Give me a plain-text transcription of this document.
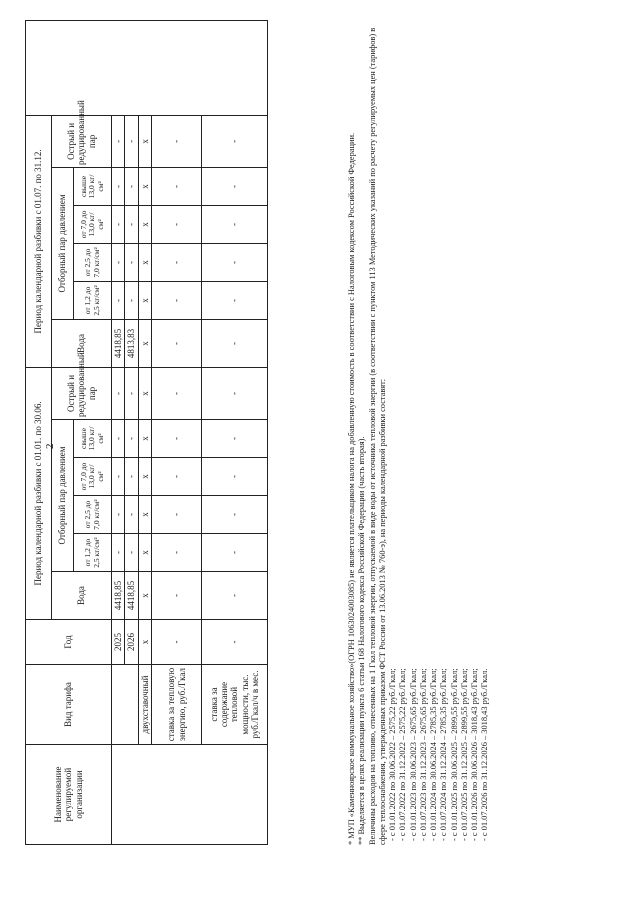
2
Наименование регулируемой организации	Вид тарифа	Год	Период календарной разбивки с 01.01. по 30.06.						Период календарной разбивки с 01.07. по 31.12.						
			Вода	Отборный пар давлением				Острый и редуцированный пар	Вода	Отборный пар давлением				Острый и редуцированный пар	
				от 1,2 до 2,5 кг/см²	от 2,5 до 7,0 кг/см²	от 7,0 до 13,0 кг/см²	свыше 13,0 кг/см²			от 1,2 до 2,5 кг/см²	от 2,5 до 7,0 кг/см²	от 7,0 до 13,0 кг/см²	свыше 13,0 кг/см²		
		2025	4418,85	-	-	-	-	-	4418,85	-	-	-	-	-	
		2026	4418,85	-	-	-	-	-	4813,83	-	-	-	-	-	
	двухставочный	х	х	х	х	х	х	х	х	х	х	х	х	х	
	ставка за тепловую энергию, руб./Гкал	-	-	-	-	-	-	-	-	-	-	-	-	-	
	ставка за содержание тепловой мощности, тыс. руб./Гкал/ч в мес.	-	-	-	-	-	-	-	-	-	-	-	-	-		* МУП «Каменноярское коммунальное хозяйство»(ОГРН 1063024003085) не является плательщиком налога на добавленную стоимость в соответствии с Налоговым кодексом Российской Федерации. ** Выделяется в целях реализации пункта 6 статьи 168 Налогового кодекса Российской Федерации (часть вторая). Величины расходов на топливо, отнесенных на 1 Гкал тепловой энергии, отпускаемой в виде воды от источника тепловой энергии (в соответствии с пунктом 113 Методических указаний по расчету регулируемых цен (тарифов) в сфере теплоснабжения, утвержденных приказом ФСТ России от 13.06.2013 № 760-э), на периоды календарной разбивки составят: - с 01.01.2022 по 30.06.2022 – 2575,22 руб./Гкал; - с 01.07.2022 по 31.12.2022 – 2575,22 руб./Гкал; - с 01.01.2023 по 30.06.2023 – 2675,65 руб./Гкал; - с 01.07.2023 по 31.12.2023 – 2675,65 руб./Гкал; - с 01.01.2024 по 30.06.2024 – 2785,35 руб./Гкал; - с 01.07.2024 по 31.12.2024 – 2785,35 руб./Гкал; - с 01.01.2025 по 30.06.2025 – 2899,55 руб./Гкал; - с 01.07.2025 по 31.12.2025 – 2899,55 руб./Гкал; - с 01.01.2026 по 30.06.2026 – 3018,43 руб./Гкал; - с 01.07.2026 по 31.12.2026 – 3018,43 руб./Гкал.
